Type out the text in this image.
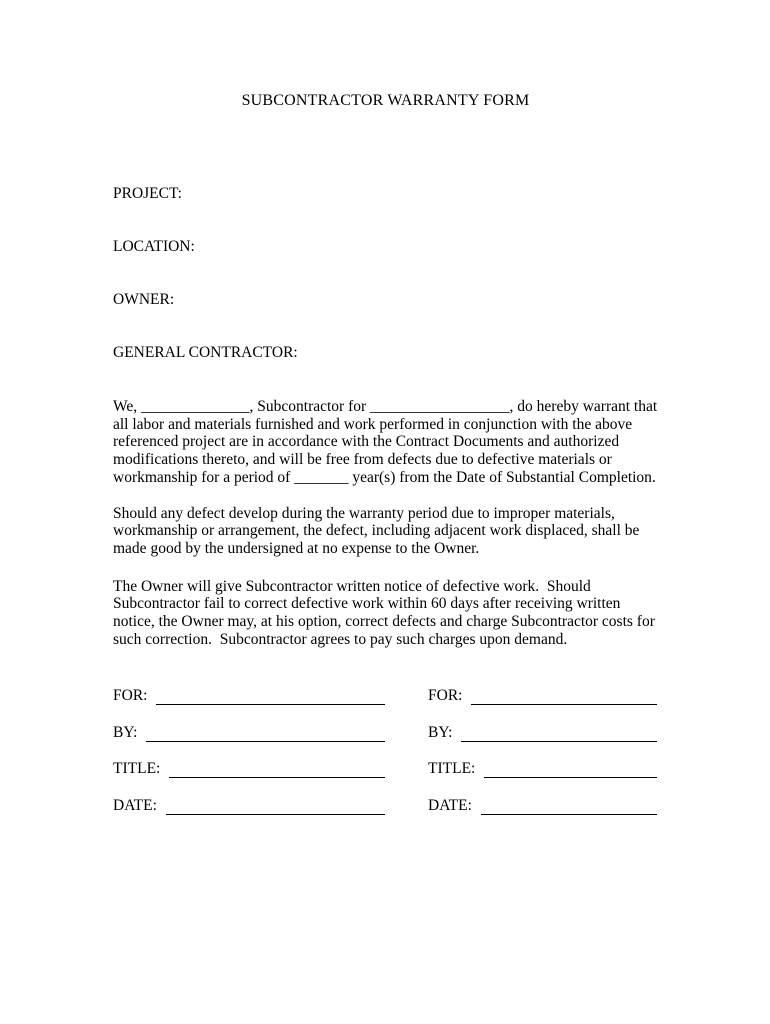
SUBCONTRACTOR WARRANTY FORM

PROJECT:

LOCATION:

OWNER:

GENERAL CONTRACTOR:

We, ______________, Subcontractor for __________________, do hereby warrant that all labor and materials furnished and work performed in conjunction with the above referenced project are in accordance with the Contract Documents and authorized modifications thereto, and will be free from defects due to defective materials or workmanship for a period of _______ year(s) from the Date of Substantial Completion.

Should any defect develop during the warranty period due to improper materials, workmanship or arrangement, the defect, including adjacent work displaced, shall be made good by the undersigned at no expense to the Owner.

The Owner will give Subcontractor written notice of defective work.  Should Subcontractor fail to correct defective work within 60 days after receiving written notice, the Owner may, at his option, correct defects and charge Subcontractor costs for such correction.  Subcontractor agrees to pay such charges upon demand.

FOR:
BY:
TITLE:
DATE:
FOR:
BY:
TITLE:
DATE:
